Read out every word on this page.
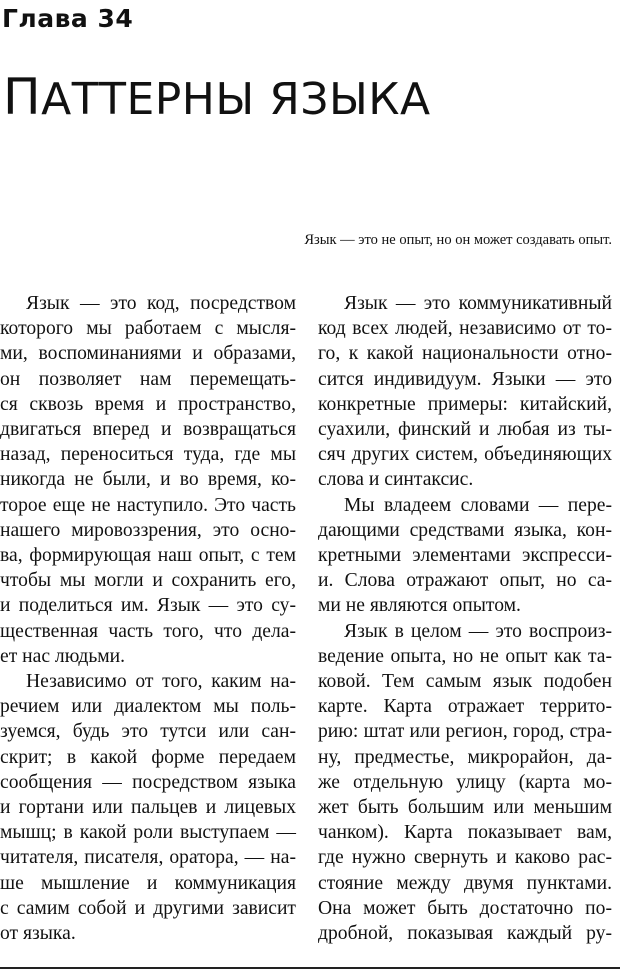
Глава 34
ПАТТЕРНЫ ЯЗЫКА

Язык — это не опыт, но он может создавать опыт.

Язык — это код, посредством
которого мы работаем с мысля-
ми, воспоминаниями и образами,
он позволяет нам перемещать-
ся сквозь время и пространство,
двигаться вперед и возвращаться
назад, переноситься туда, где мы
никогда не были, и во время, ко-
торое еще не наступило. Это часть
нашего мировоззрения, это осно-
ва, формирующая наш опыт, с тем
чтобы мы могли и сохранить его,
и поделиться им. Язык — это су-
щественная часть того, что дела-
ет нас людьми.
Независимо от того, каким на-
речием или диалектом мы поль-
зуемся, будь это тутси или сан-
скрит; в какой форме передаем
сообщения — посредством языка
и гортани или пальцев и лицевых
мышц; в какой роли выступаем —
читателя, писателя, оратора, — на-
ше мышление и коммуникация
с самим собой и другими зависит
от языка.
Язык — это коммуникативный
код всех людей, независимо от то-
го, к какой национальности отно-
сится индивидуум. Языки — это
конкретные примеры: китайский,
суахили, финский и любая из ты-
сяч других систем, объединяющих
слова и синтаксис.
Мы владеем словами — пере-
дающими средствами языка, кон-
кретными элементами экспресси-
и. Слова отражают опыт, но са-
ми не являются опытом.
Язык в целом — это воспроиз-
ведение опыта, но не опыт как та-
ковой. Тем самым язык подобен
карте. Карта отражает террито-
рию: штат или регион, город, стра-
ну, предместье, микрорайон, да-
же отдельную улицу (карта мо-
жет быть большим или меньшим
чанком). Карта показывает вам,
где нужно свернуть и каково рас-
стояние между двумя пунктами.
Она может быть достаточно по-
дробной, показывая каждый ру-
